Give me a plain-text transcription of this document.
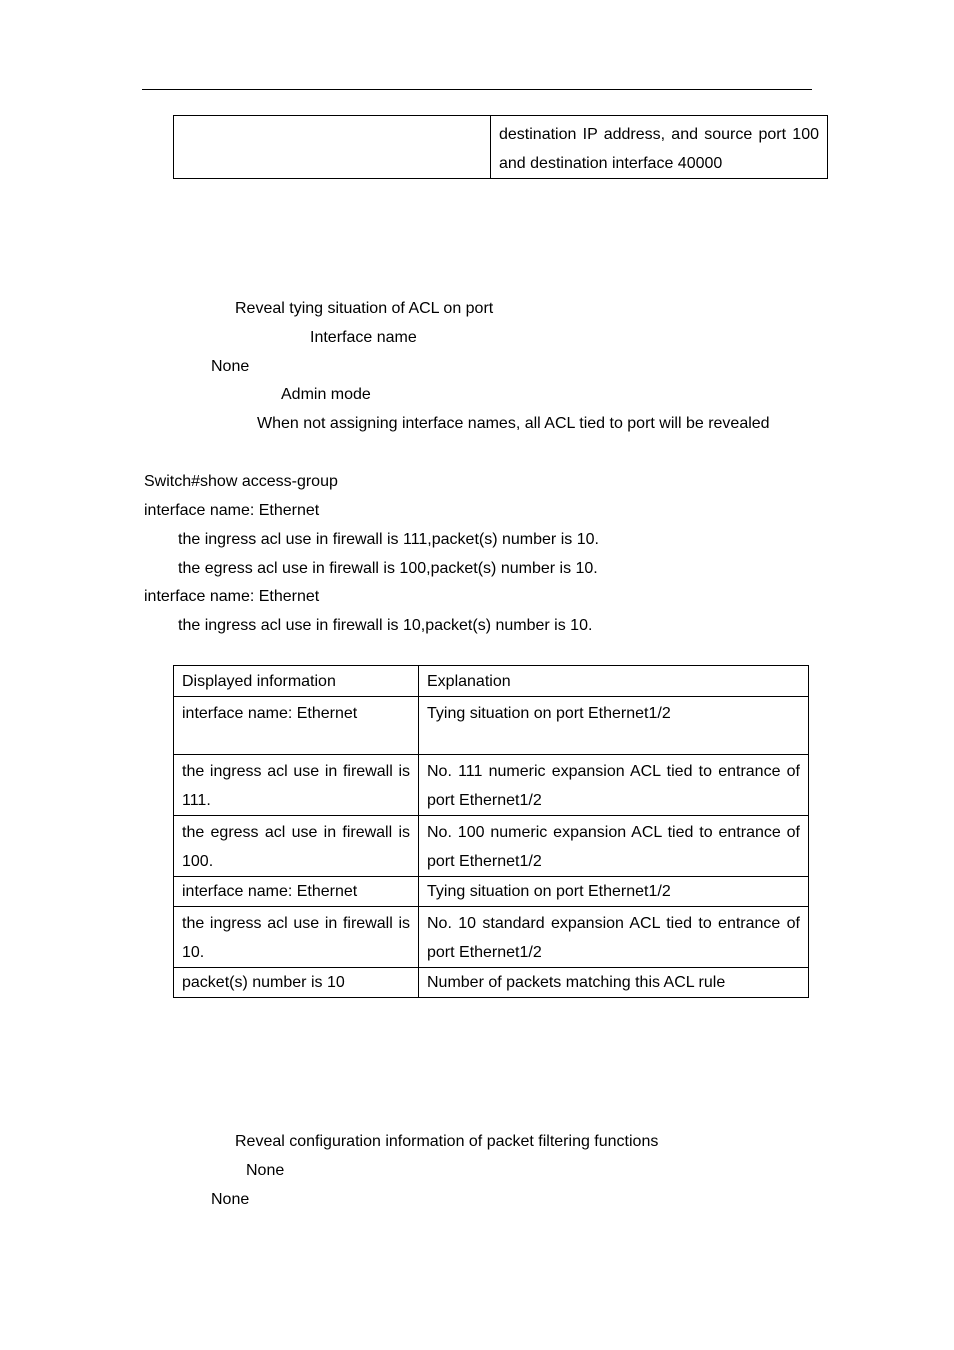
	destination IP address, and source port 100 and destination interface 40000
Reveal tying situation of ACL on port
Interface name
None
Admin mode
When not assigning interface names, all ACL tied to port will be revealed
Switch#show access-group
interface name: Ethernet
the ingress acl use in firewall is 111,packet(s) number is 10.
the egress acl use in firewall is 100,packet(s) number is 10.
interface name: Ethernet
the ingress acl use in firewall is 10,packet(s) number is 10.
Displayed information	Explanation
interface name: Ethernet	Tying situation on port Ethernet1/2
the ingress acl use in firewall is 111.	No. 111 numeric expansion ACL tied to entrance of port Ethernet1/2
the egress acl use in firewall is 100.	No. 100 numeric expansion ACL tied to entrance of port Ethernet1/2
interface name: Ethernet	Tying situation on port Ethernet1/2
the ingress acl use in firewall is 10.	No. 10 standard expansion ACL tied to entrance of port Ethernet1/2
packet(s) number is 10	Number of packets matching this ACL rule
Reveal configuration information of packet filtering functions
None
None
